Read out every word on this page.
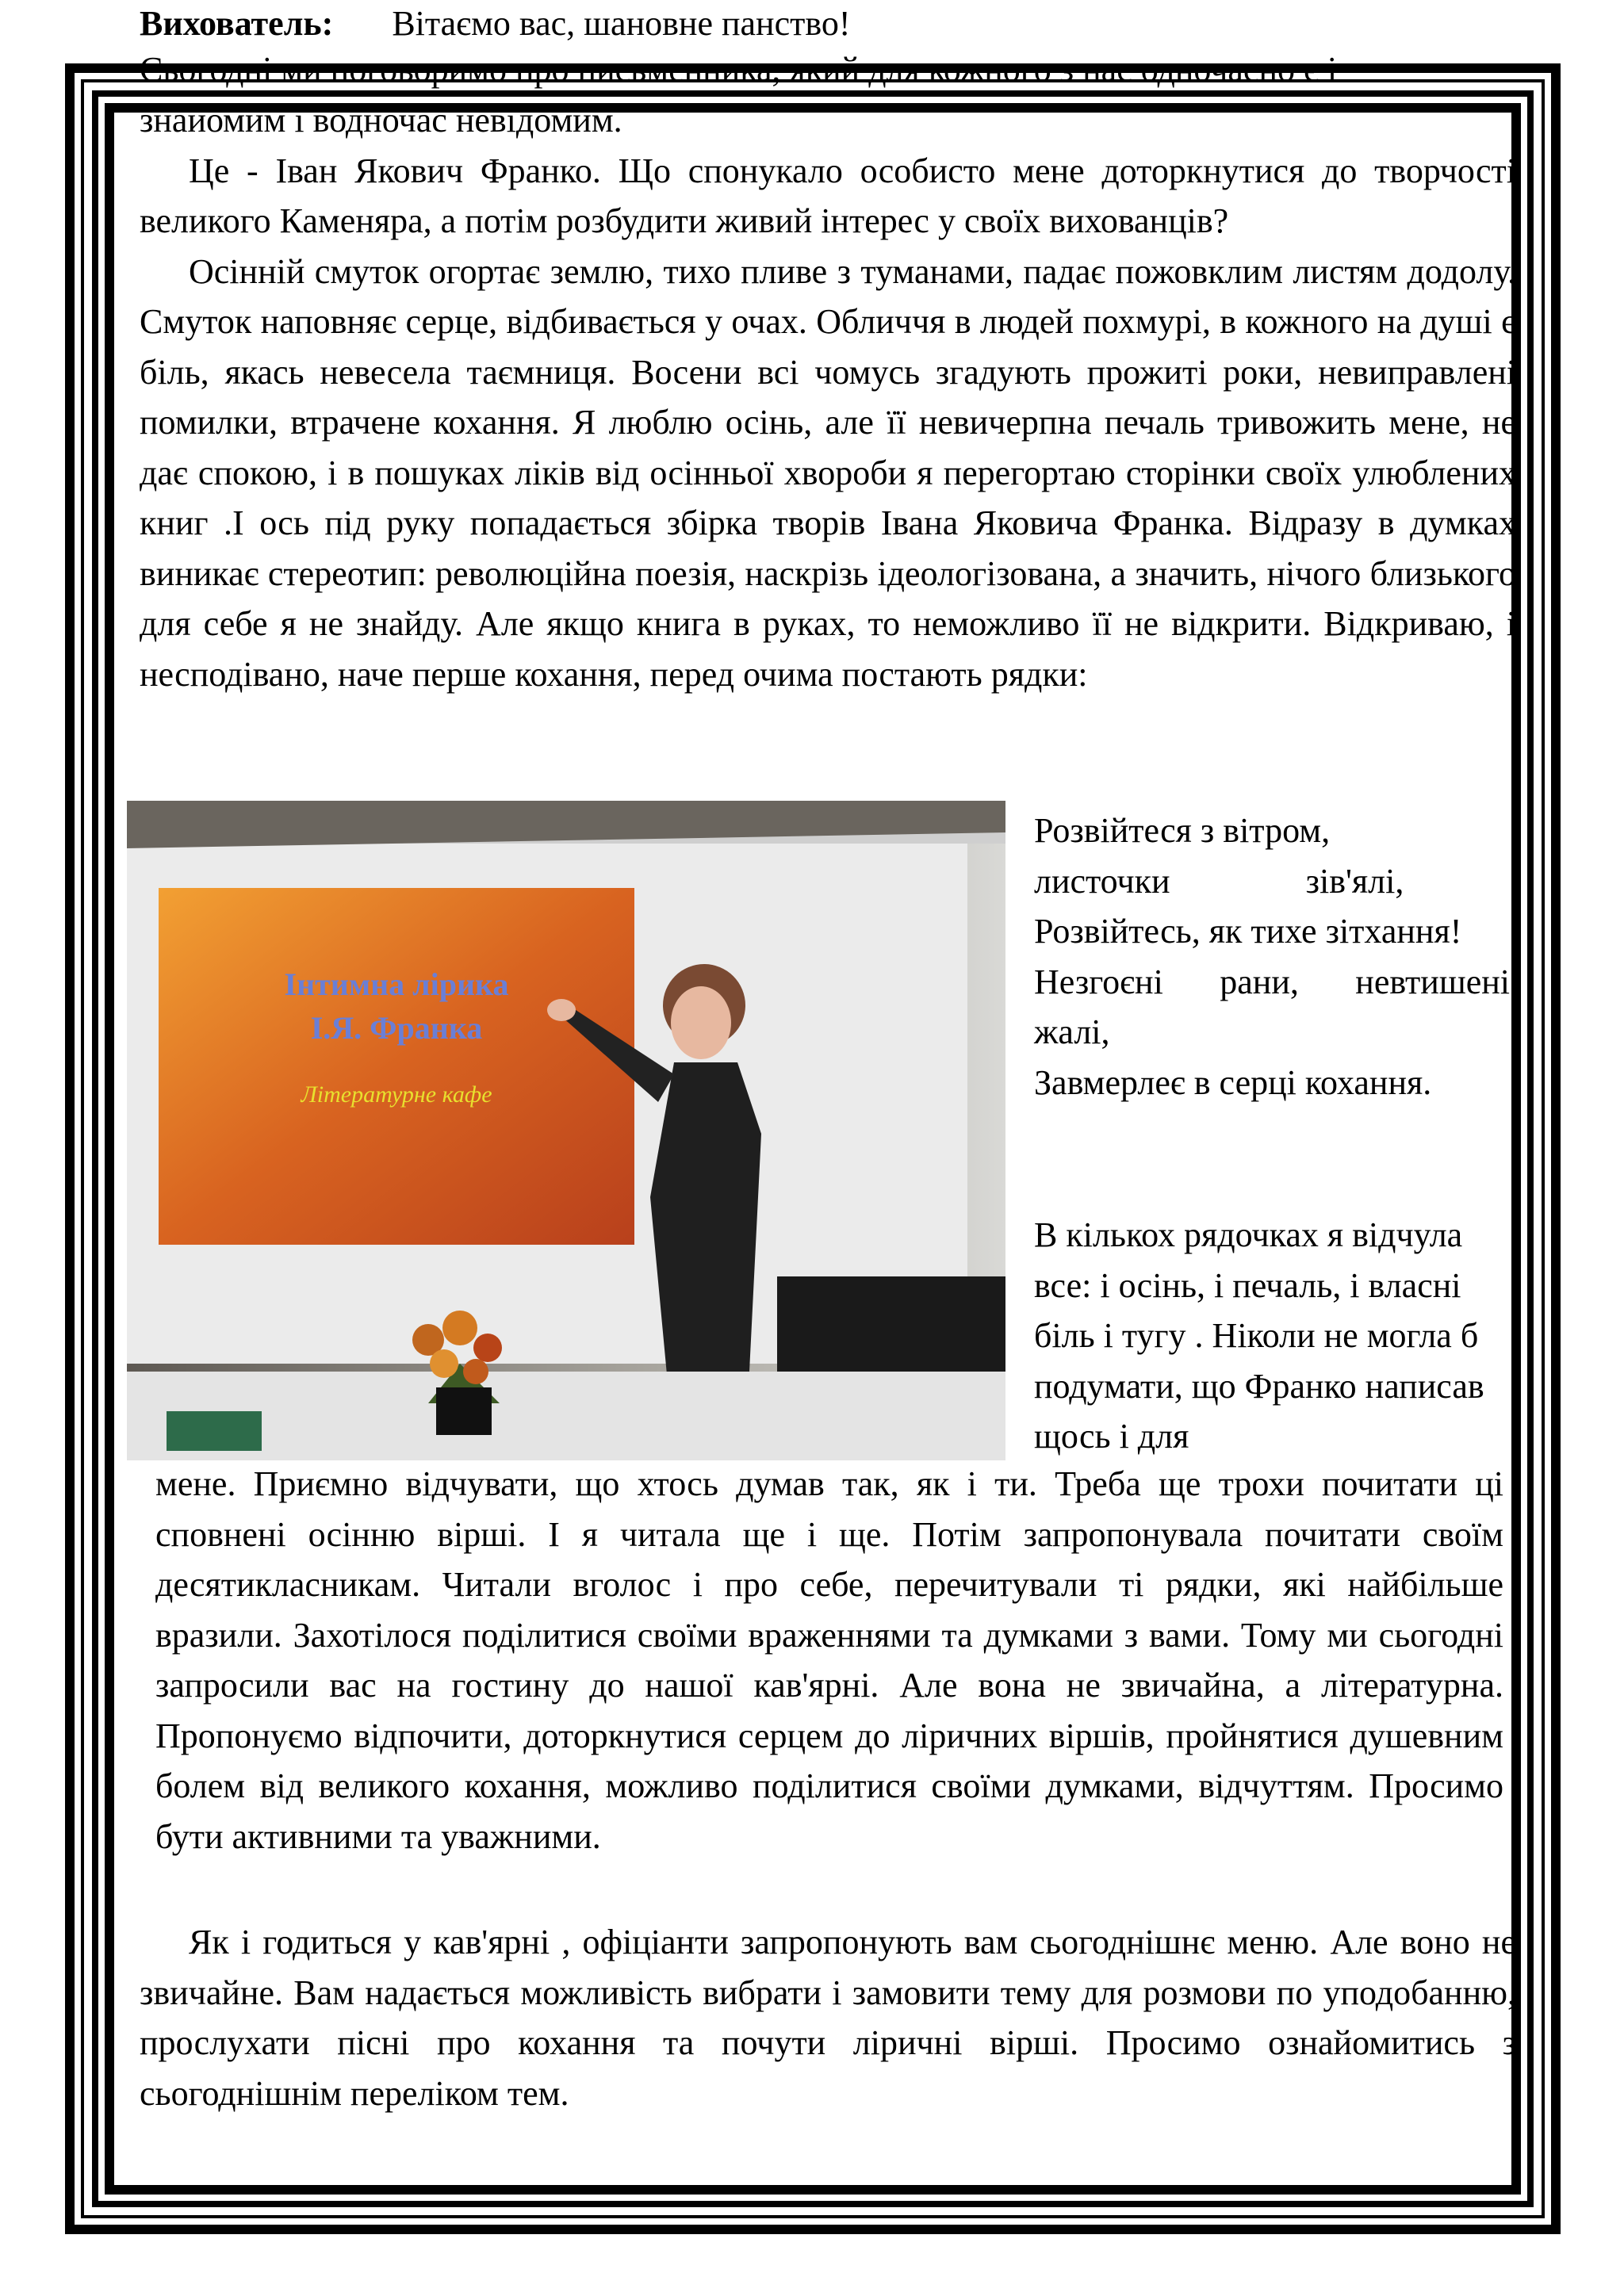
Вихователь: Вітаємо вас, шановне панство!
Сьогодні ми поговоримо про письменника, який для кожного з нас одночасно є і

знайомим і водночас невідомим.

Це - Іван Якович Франко. Що спонукало особисто мене доторкнутися до творчості великого Каменяра, а потім розбудити живий інтерес у своїх вихованців?

Осінній смуток огортає землю, тихо пливе з туманами, падає пожовклим листям додолу. Смуток наповняє серце, відбивається у очах. Обличчя в людей похмурі, в кожного на душі є біль, якась невесела таємниця. Восени всі чомусь згадують прожиті роки, невиправлені помилки, втрачене кохання. Я люблю осінь, але її невичерпна печаль тривожить мене, не дає спокою, і в пошуках ліків від осінньої хвороби я перегортаю сторінки своїх улюблених книг .І ось під руку попадається збірка творів Івана Яковича Франка. Відразу в думках виникає стереотип: революційна поезія, наскрізь ідеологізована, а значить, нічого близького для себе я не знайду. Але якщо книга в руках, то неможливо її не відкрити. Відкриваю, і несподівано, наче перше кохання, перед очима постають рядки:

Інтимна лірика
І.Я. Франка
Літературне кафе
Розвійтеся з вітром,
листочки зів'ялі,
Розвійтесь, як тихе зітхання!
Незгоєні рани, невтишені
жалі,
Завмерлеє в серці кохання.

В кількох рядочках я відчула все: і осінь, і печаль, і власні біль і тугу . Ніколи не могла б подумати, що Франко написав щось і для

мене. Приємно відчувати, що хтось думав так, як і ти. Треба ще трохи почитати ці сповнені осінню вірші. І я читала ще і ще. Потім запропонувала почитати своїм десятикласникам. Читали вголос і про себе, перечитували ті рядки, які найбільше вразили. Захотілося поділитися своїми враженнями та думками з вами. Тому ми сьогодні запросили вас на гостину до нашої кав'ярні. Але вона не звичайна, а літературна. Пропонуємо відпочити, доторкнутися серцем до ліричних віршів, пройнятися душевним болем від великого кохання, можливо поділитися своїми думками, відчуттям. Просимо бути активними та уважними.

Як і годиться у кав'ярні , офіціанти запропонують вам сьогоднішнє меню. Але воно не звичайне. Вам надається можливість вибрати і замовити тему для розмови по уподобанню, прослухати пісні про кохання та почути ліричні вірші. Просимо ознайомитись з сьогоднішнім переліком тем.
